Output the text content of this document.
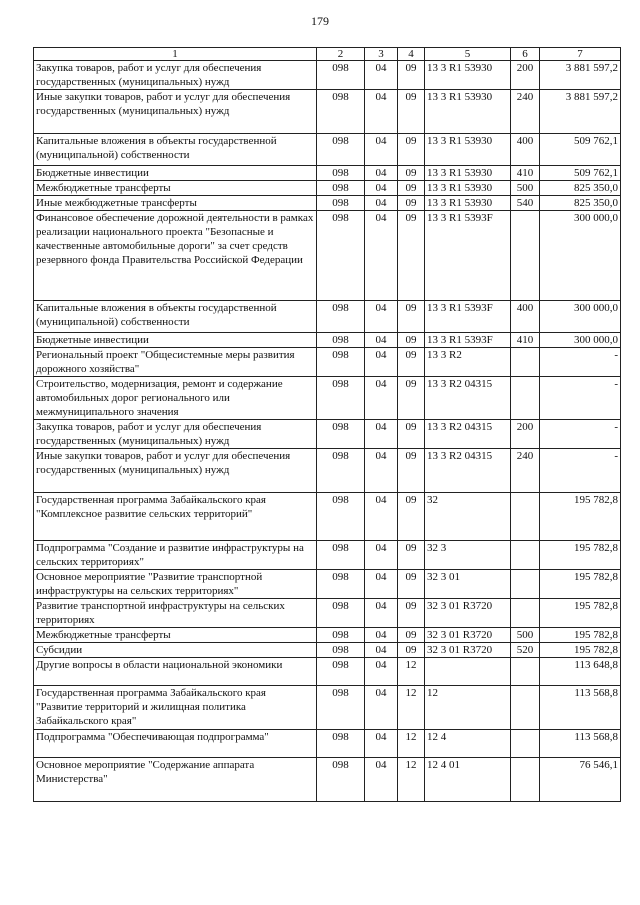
179
1	2	3	4	5	6	7
Закупка товаров, работ и услуг для обеспечения государственных (муниципальных) нужд	098	04	09	13 3 R1 53930	200	3 881 597,2
Иные закупки товаров, работ и услуг для обеспечения государственных (муниципальных) нужд	098	04	09	13 3 R1 53930	240	3 881 597,2
Капитальные вложения в объекты государственной (муниципальной) собственности	098	04	09	13 3 R1 53930	400	509 762,1
Бюджетные инвестиции	098	04	09	13 3 R1 53930	410	509 762,1
Межбюджетные трансферты	098	04	09	13 3 R1 53930	500	825 350,0
Иные межбюджетные трансферты	098	04	09	13 3 R1 53930	540	825 350,0
Финансовое обеспечение дорожной деятельности в рамках реализации национального проекта "Безопасные и качественные автомобильные дороги" за счет средств резервного фонда Правительства Российской Федерации	098	04	09	13 3 R1 5393F		300 000,0
Капитальные вложения в объекты государственной (муниципальной) собственности	098	04	09	13 3 R1 5393F	400	300 000,0
Бюджетные инвестиции	098	04	09	13 3 R1 5393F	410	300 000,0
Региональный проект "Общесистемные меры развития дорожного хозяйства"	098	04	09	13 3 R2		-
Строительство, модернизация, ремонт и содержание автомобильных дорог регионального или межмуниципального значения	098	04	09	13 3 R2 04315		-
Закупка товаров, работ и услуг для обеспечения государственных (муниципальных) нужд	098	04	09	13 3 R2 04315	200	-
Иные закупки товаров, работ и услуг для обеспечения государственных (муниципальных) нужд	098	04	09	13 3 R2 04315	240	-
Государственная программа Забайкальского края "Комплексное развитие сельских территорий"	098	04	09	32		195 782,8
Подпрограмма "Создание и развитие инфраструктуры на сельских территориях"	098	04	09	32 3		195 782,8
Основное мероприятие "Развитие транспортной инфраструктуры на сельских территориях"	098	04	09	32 3 01		195 782,8
Развитие транспортной инфраструктуры на сельских территориях	098	04	09	32 3 01 R3720		195 782,8
Межбюджетные трансферты	098	04	09	32 3 01 R3720	500	195 782,8
Субсидии	098	04	09	32 3 01 R3720	520	195 782,8
Другие вопросы в области национальной экономики	098	04	12			113 648,8
Государственная программа Забайкальского края "Развитие территорий и жилищная политика Забайкальского края"	098	04	12	12		113 568,8
Подпрограмма "Обеспечивающая подпрограмма"	098	04	12	12 4		113 568,8
Основное мероприятие "Содержание аппарата Министерства"	098	04	12	12 4 01		76 546,1
